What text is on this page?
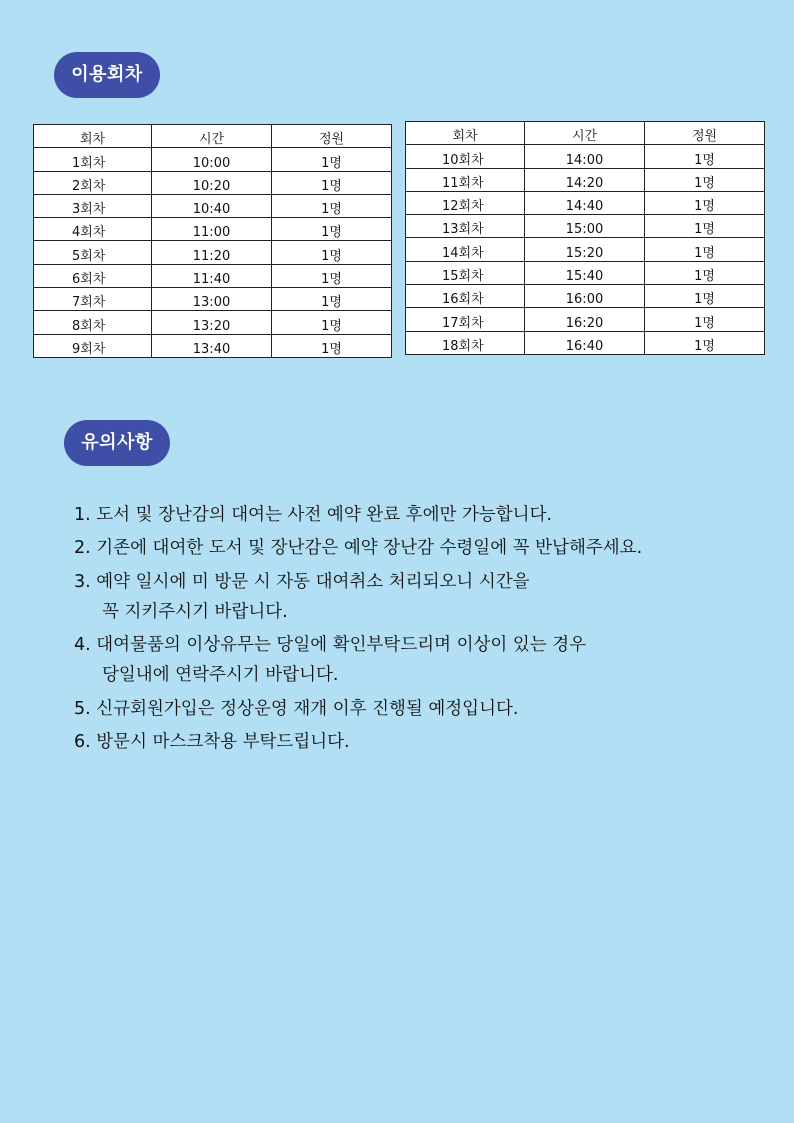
이용회차
회차	시간	정원
1회차	10:00	1명
2회차	10:20	1명
3회차	10:40	1명
4회차	11:00	1명
5회차	11:20	1명
6회차	11:40	1명
7회차	13:00	1명
8회차	13:20	1명
9회차	13:40	1명
회차	시간	정원
10회차	14:00	1명
11회차	14:20	1명
12회차	14:40	1명
13회차	15:00	1명
14회차	15:20	1명
15회차	15:40	1명
16회차	16:00	1명
17회차	16:20	1명
18회차	16:40	1명
유의사항
1. 도서 및 장난감의 대여는 사전 예약 완료 후에만 가능합니다.
2. 기존에 대여한 도서 및 장난감은 예약 장난감 수령일에 꼭 반납해주세요.
3. 예약 일시에 미 방문 시 자동 대여취소 처리되오니 시간을
꼭 지키주시기 바랍니다.
4. 대여물품의 이상유무는 당일에 확인부탁드리며 이상이 있는 경우
당일내에 연락주시기 바랍니다.
5. 신규회원가입은 정상운영 재개 이후 진행될 예정입니다.
6. 방문시 마스크착용 부탁드립니다.
